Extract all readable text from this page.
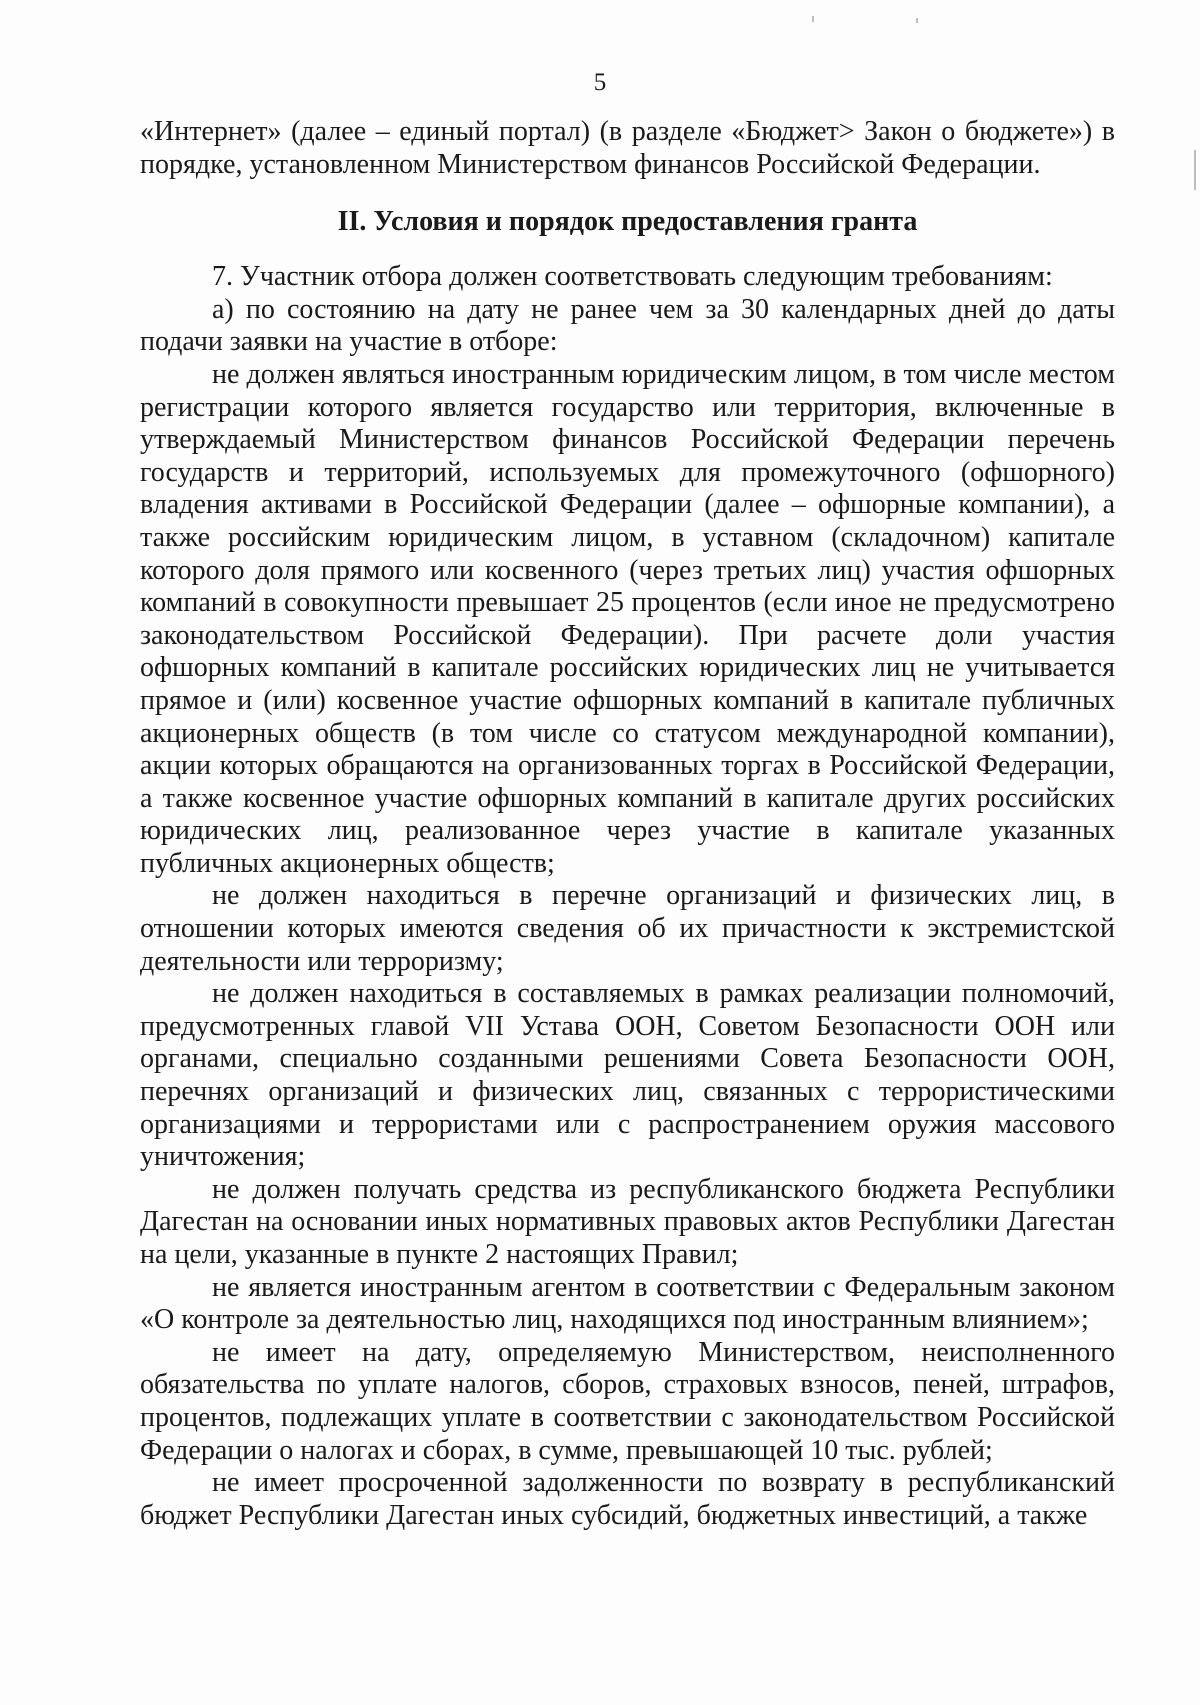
5

«Интернет» (далее – единый портал) (в разделе «Бюджет> Закон о бюджете») в порядке, установленном Министерством финансов Российской Федерации.

II. Условия и порядок предоставления гранта

7. Участник отбора должен соответствовать следующим требованиям:

а) по состоянию на дату не ранее чем за 30 календарных дней до даты подачи заявки на участие в отборе:

не должен являться иностранным юридическим лицом, в том числе местом регистрации которого является государство или территория, включенные в утверждаемый Министерством финансов Российской Федерации перечень государств и территорий, используемых для промежуточного (офшорного) владения активами в Российской Федерации (далее – офшорные компании), а также российским юридическим лицом, в уставном (складочном) капитале которого доля прямого или косвенного (через третьих лиц) участия офшорных компаний в совокупности превышает 25 процентов (если иное не предусмотрено законодательством Российской Федерации). При расчете доли участия офшорных компаний в капитале российских юридических лиц не учитывается прямое и (или) косвенное участие офшорных компаний в капитале публичных акционерных обществ (в том числе со статусом международной компании), акции которых обращаются на организованных торгах в Российской Федерации, а также косвенное участие офшорных компаний в капитале других российских юридических лиц, реализованное через участие в капитале указанных публичных акционерных обществ;

не должен находиться в перечне организаций и физических лиц, в отношении которых имеются сведения об их причастности к экстремистской деятельности или терроризму;

не должен находиться в составляемых в рамках реализации полномочий, предусмотренных главой VII Устава ООН, Советом Безопасности ООН или органами, специально созданными решениями Совета Безопасности ООН, перечнях организаций и физических лиц, связанных с террористическими организациями и террористами или с распространением оружия массового уничтожения;

не должен получать средства из республиканского бюджета Республики Дагестан на основании иных нормативных правовых актов Республики Дагестан на цели, указанные в пункте 2 настоящих Правил;

не является иностранным агентом в соответствии с Федеральным законом «О контроле за деятельностью лиц, находящихся под иностранным влиянием»;

не имеет на дату, определяемую Министерством, неисполненного обязательства по уплате налогов, сборов, страховых взносов, пеней, штрафов, процентов, подлежащих уплате в соответствии с законодательством Российской Федерации о налогах и сборах, в сумме, превышающей 10 тыс. рублей;

не имеет просроченной задолженности по возврату в республиканский бюджет Республики Дагестан иных субсидий, бюджетных инвестиций, а также
